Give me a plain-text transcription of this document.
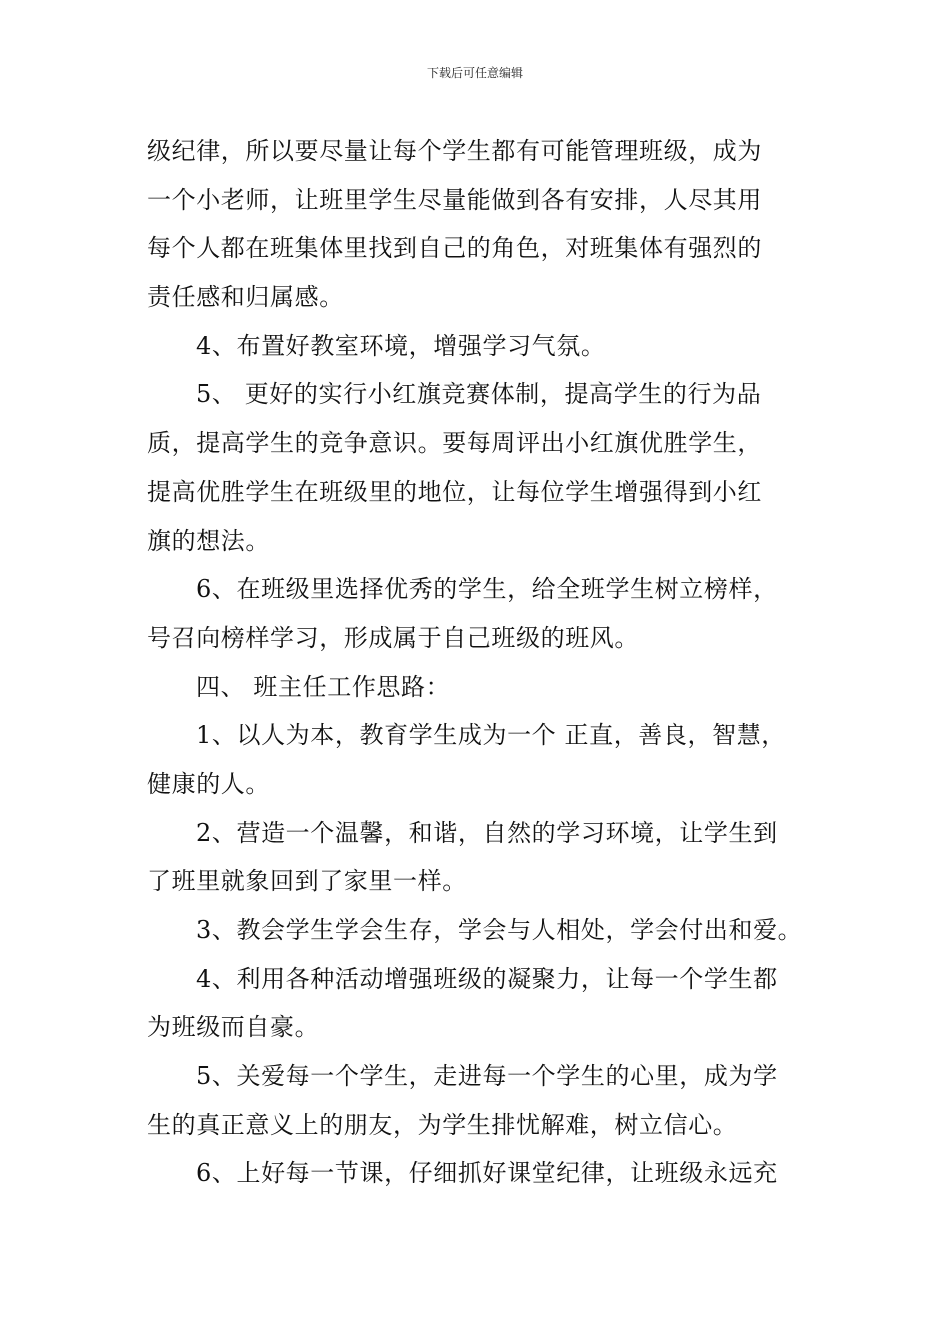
下载后可任意编辑
级纪律，所以要尽量让每个学生都有可能管理班级，成为
一个小老师，让班里学生尽量能做到各有安排，人尽其用
每个人都在班集体里找到自己的角色，对班集体有强烈的
责任感和归属感。
4、布置好教室环境，增强学习气氛。
5、 更好的实行小红旗竞赛体制，提高学生的行为品
质，提高学生的竞争意识。要每周评出小红旗优胜学生，
提高优胜学生在班级里的地位，让每位学生增强得到小红
旗的想法。
6、在班级里选择优秀的学生，给全班学生树立榜样，
号召向榜样学习，形成属于自己班级的班风。
四、 班主任工作思路：
1、以人为本，教育学生成为一个 正直，善良，智慧，
健康的人。
2、营造一个温馨，和谐，自然的学习环境，让学生到
了班里就象回到了家里一样。
3、教会学生学会生存，学会与人相处，学会付出和爱。
4、利用各种活动增强班级的凝聚力，让每一个学生都
为班级而自豪。
5、关爱每一个学生，走进每一个学生的心里，成为学
生的真正意义上的朋友，为学生排忧解难，树立信心。
6、上好每一节课，仔细抓好课堂纪律，让班级永远充
